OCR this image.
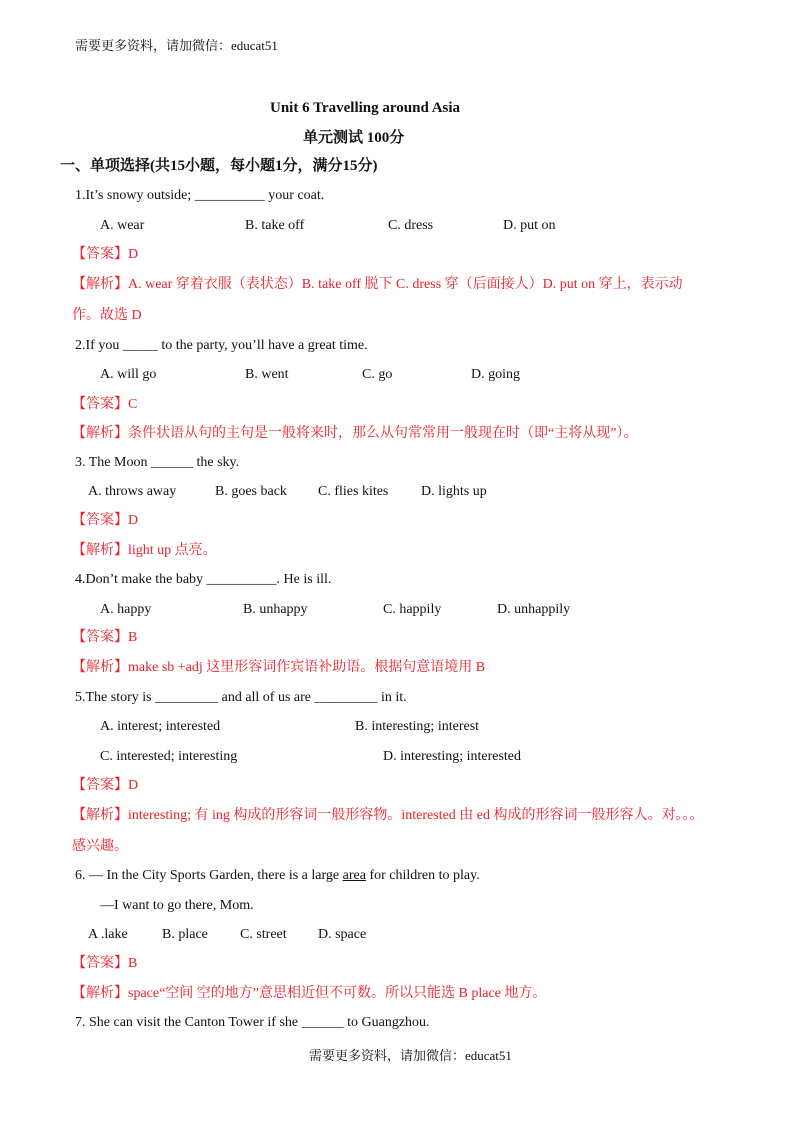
需要更多资料，请加微信：educat51
Unit 6 Travelling around Asia
单元测试 100分
一、单项选择(共15小题，每小题1分，满分15分)
1.It’s snowy outside; __________ your coat.
A. wear	B. take off	C. dress	D. put on
【答案】D
【解析】A. wear 穿着衣服（表状态）B. take off 脱下 C. dress 穿（后面接人）D. put on 穿上，表示动
作。故选 D
2.If you _____ to the party, you’ll have a great time.
A. will go	B. went	C. go	D. going
【答案】C
【解析】条件状语从句的主句是一般将来时，那么从句常常用一般现在时（即“主将从现”）。
3. The Moon ______ the sky.
A. throws away	B. goes back C. flies kites D. lights up
【答案】D
【解析】light up 点亮。
4.Don’t make the baby __________. He is ill.
A. happy	B. unhappy	C. happily	D. unhappily
【答案】B
【解析】make sb +adj 这里形容词作宾语补助语。根据句意语境用 B
5.The story is _________ and all of us are _________ in it.
A. interest; interested	B. interesting; interest
C. interested; interesting	D. interesting; interested
【答案】D
【解析】interesting; 有 ing 构成的形容词一般形容物。interested 由 ed 构成的形容词一般形容人。对。。。
感兴趣。
6. — In the City Sports Garden, there is a large area for children to play.
—I want to go there, Mom.
A .lake B. place C. street D. space
【答案】B
【解析】space“空间 空的地方”意思相近但不可数。所以只能选 B place 地方。
7. She can visit the Canton Tower if she ______ to Guangzhou.
需要更多资料，请加微信：educat51
